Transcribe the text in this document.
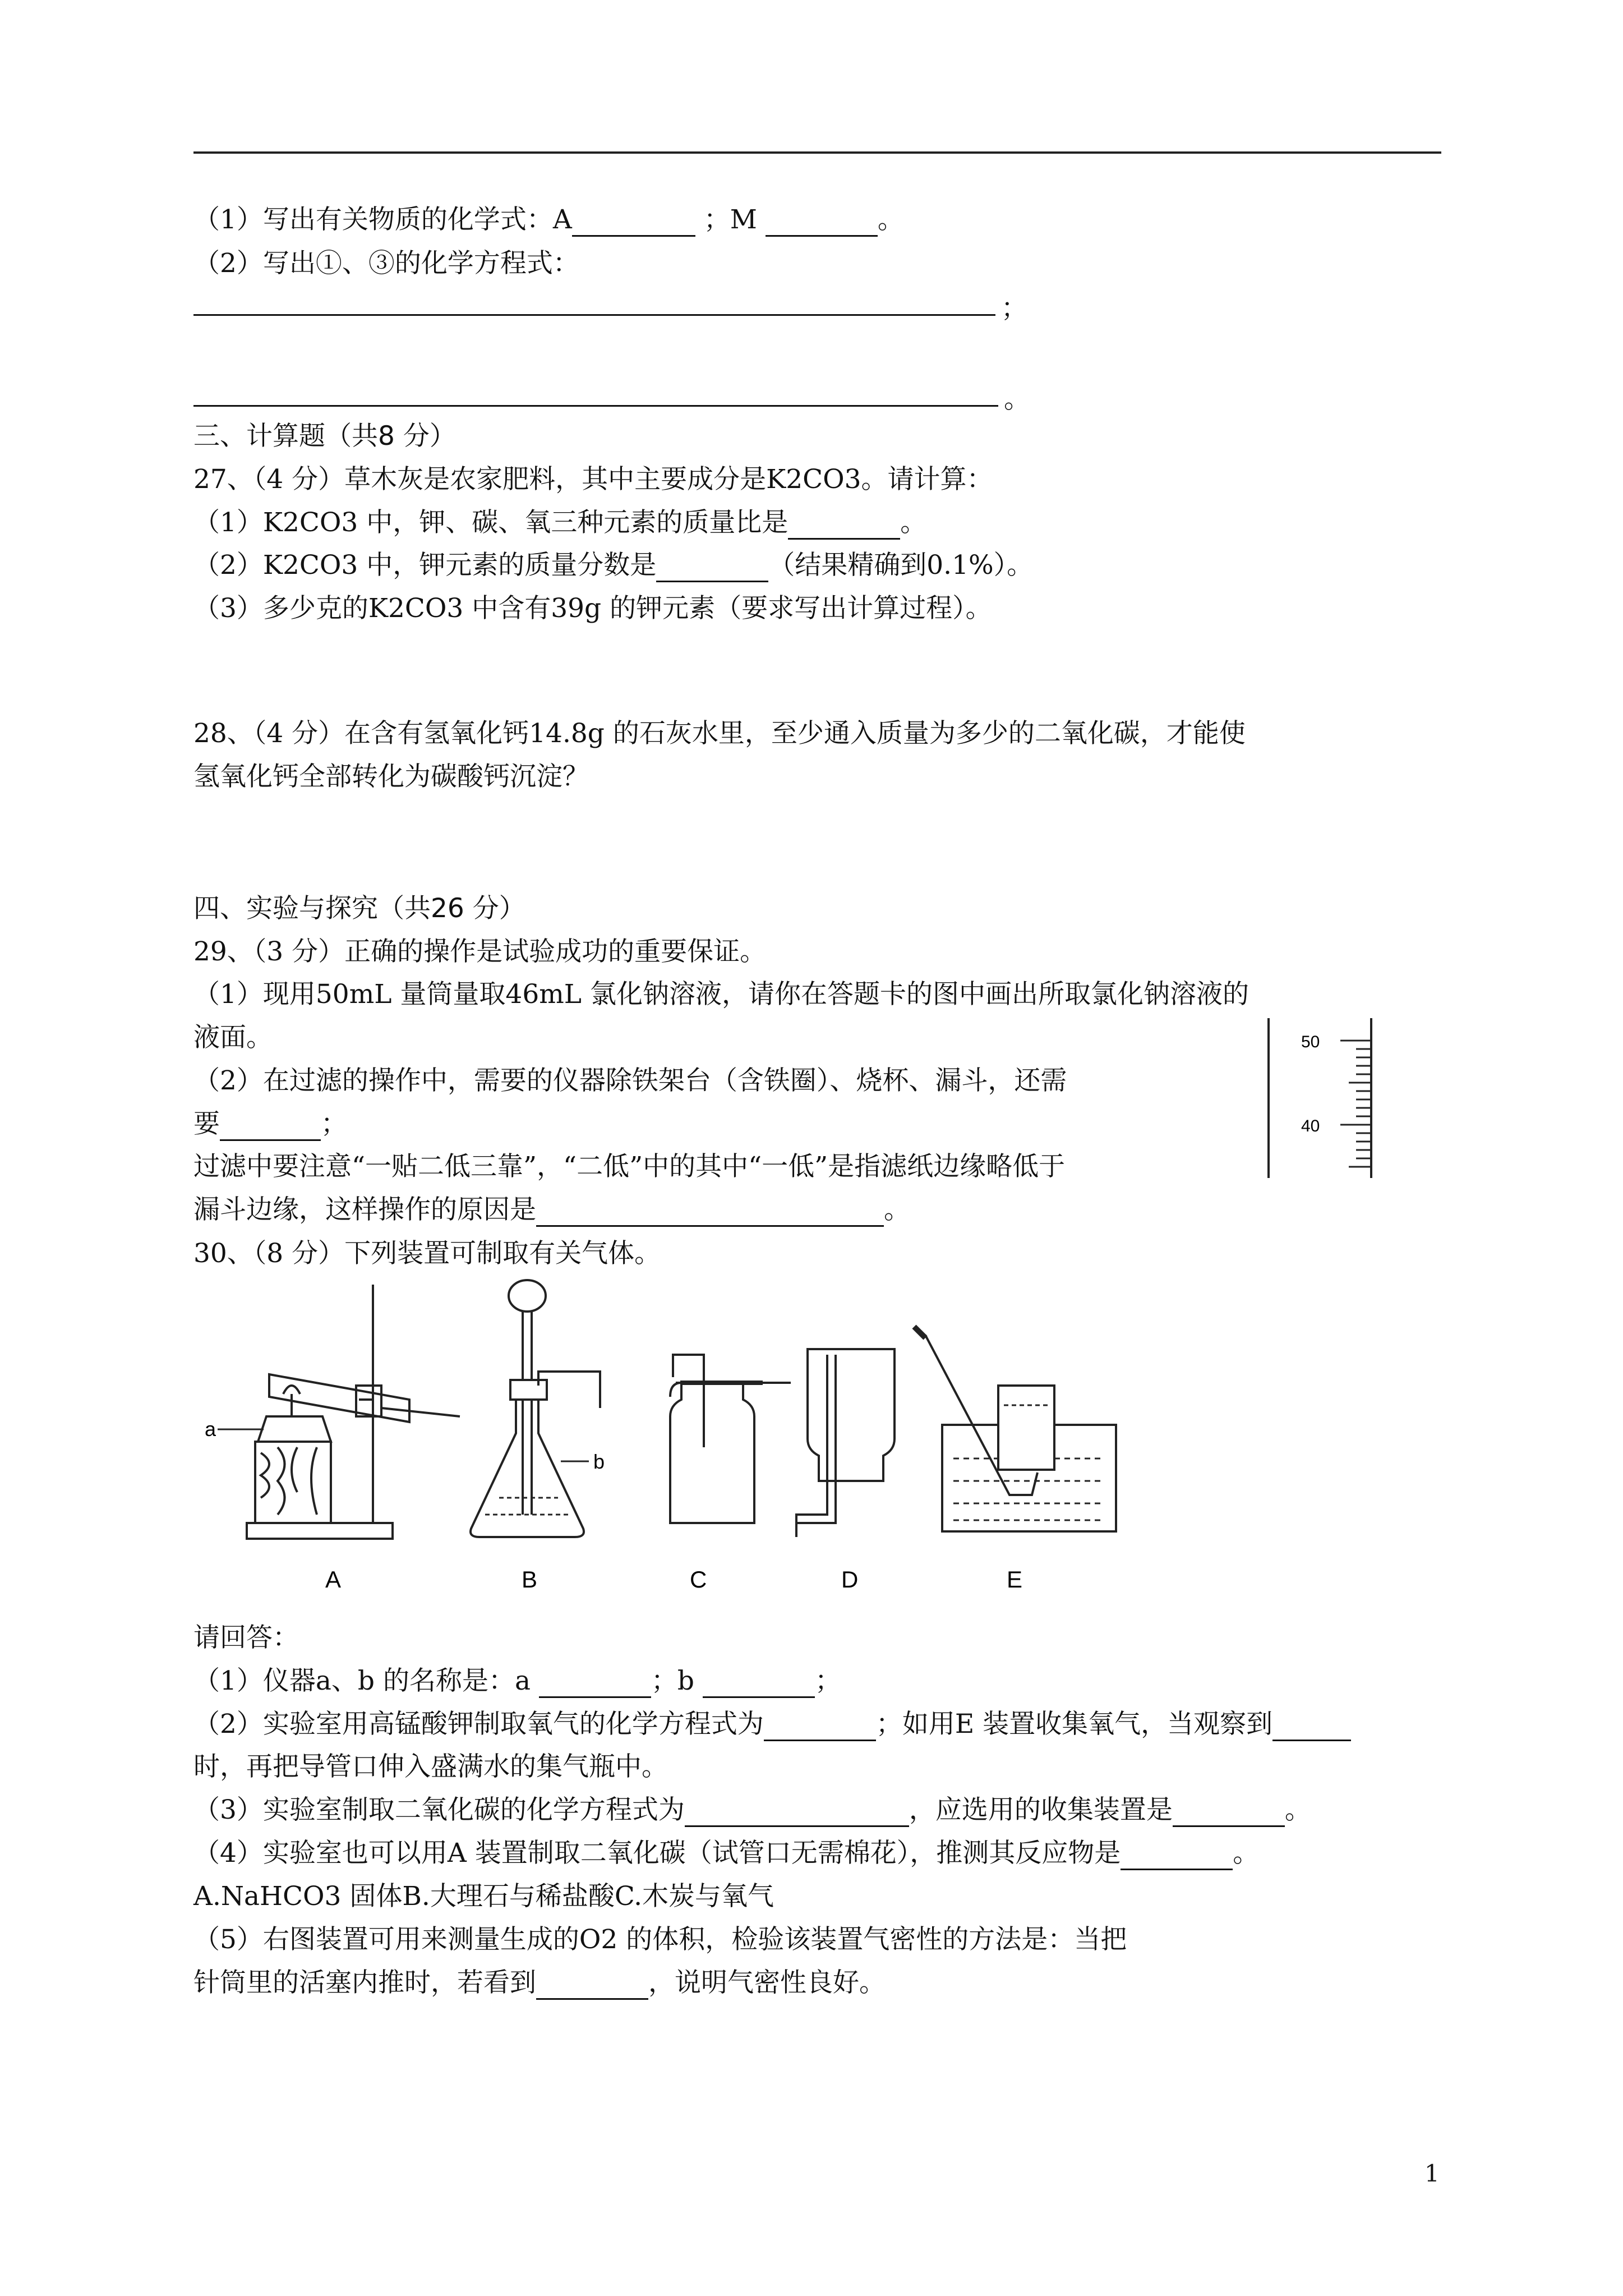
（1）写出有关物质的化学式：A	；M	。
（2）写出①、③的化学方程式：
；
。
三、计算题（共8 分）
27、（4 分）草木灰是农家肥料，其中主要成分是K2CO3。请计算：
（1）K2CO3 中，钾、碳、氧三种元素的质量比是	。
（2）K2CO3 中，钾元素的质量分数是	（结果精确到0.1%）。
（3）多少克的K2CO3 中含有39g 的钾元素（要求写出计算过程）。
28、（4 分）在含有氢氧化钙14.8g 的石灰水里，至少通入质量为多少的二氧化碳，才能使
氢氧化钙全部转化为碳酸钙沉淀？
四、实验与探究（共26 分）
29、（3 分）正确的操作是试验成功的重要保证。
（1）现用50mL 量筒量取46mL 氯化钠溶液，请你在答题卡的图中画出所取氯化钠溶液的
液面。
（2）在过滤的操作中，需要的仪器除铁架台（含铁圈）、烧杯、漏斗，还需
要	；
过滤中要注意“一贴二低三靠”，“二低”中的其中“一低”是指滤纸边缘略低于
漏斗边缘，这样操作的原因是	。
50
40
30、（8 分）下列装置可制取有关气体。
a
b
A	B	C	D	E
请回答：
（1）仪器a、b 的名称是：a	；b	；
（2）实验室用高锰酸钾制取氧气的化学方程式为	；如用E 装置收集氧气，当观察到
时，再把导管口伸入盛满水的集气瓶中。
（3）实验室制取二氧化碳的化学方程式为	，应选用的收集装置是	。
（4）实验室也可以用A 装置制取二氧化碳（试管口无需棉花），推测其反应物是	。
A.NaHCO3 固体B.大理石与稀盐酸C.木炭与氧气
（5）右图装置可用来测量生成的O2 的体积，检验该装置气密性的方法是：当把
针筒里的活塞内推时，若看到	，说明气密性良好。
1
